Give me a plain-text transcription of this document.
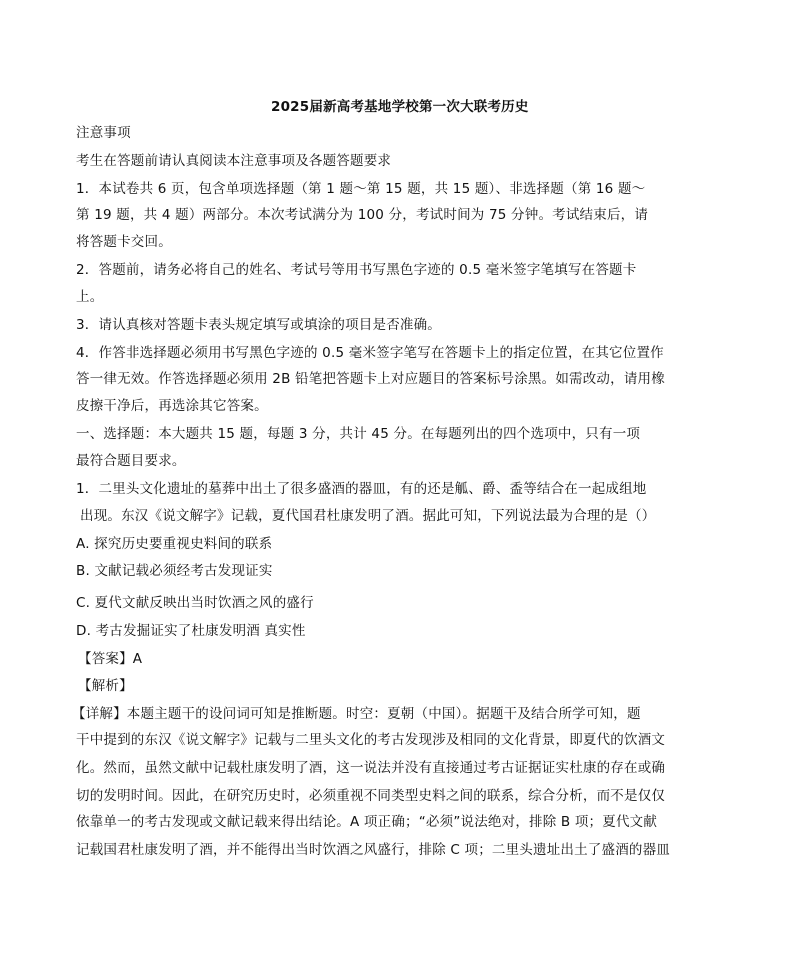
2025届新高考基地学校第一次大联考历史
注意事项
考生在答题前请认真阅读本注意事项及各题答题要求
1．本试卷共 6 页，包含单项选择题（第 1 题～第 15 题，共 15 题）、非选择题（第 16 题～
第 19 题，共 4 题）两部分。本次考试满分为 100 分，考试时间为 75 分钟。考试结束后，请
将答题卡交回。
2．答题前，请务必将自己的姓名、考试号等用书写黑色字迹的 0.5 毫米签字笔填写在答题卡
上。
3．请认真核对答题卡表头规定填写或填涂的项目是否准确。
4．作答非选择题必须用书写黑色字迹的 0.5 毫米签字笔写在答题卡上的指定位置，在其它位置作
答一律无效。作答选择题必须用 2B 铅笔把答题卡上对应题目的答案标号涂黑。如需改动，请用橡
皮擦干净后，再选涂其它答案。
一、选择题：本大题共 15 题，每题 3 分，共计 45 分。在每题列出的四个选项中，只有一项
最符合题目要求。
1．二里头文化遗址的墓葬中出土了很多盛酒的器皿，有的还是觚、爵、盉等结合在一起成组地
出现。东汉《说文解字》记载，夏代国君杜康发明了酒。据此可知，下列说法最为合理的是（）
A. 探究历史要重视史料间的联系
B. 文献记载必须经考古发现证实
C. 夏代文献反映出当时饮酒之风的盛行
D. 考古发掘证实了杜康发明酒 真实性
【答案】A
【解析】
【详解】本题主题干的设问词可知是推断题。时空：夏朝（中国）。据题干及结合所学可知，题
干中提到的东汉《说文解字》记载与二里头文化的考古发现涉及相同的文化背景，即夏代的饮酒文
化。然而，虽然文献中记载杜康发明了酒，这一说法并没有直接通过考古证据证实杜康的存在或确
切的发明时间。因此，在研究历史时，必须重视不同类型史料之间的联系，综合分析，而不是仅仅
依靠单一的考古发现或文献记载来得出结论。A 项正确；“必须”说法绝对，排除 B 项；夏代文献
记载国君杜康发明了酒，并不能得出当时饮酒之风盛行，排除 C 项；二里头遗址出土了盛酒的器皿
